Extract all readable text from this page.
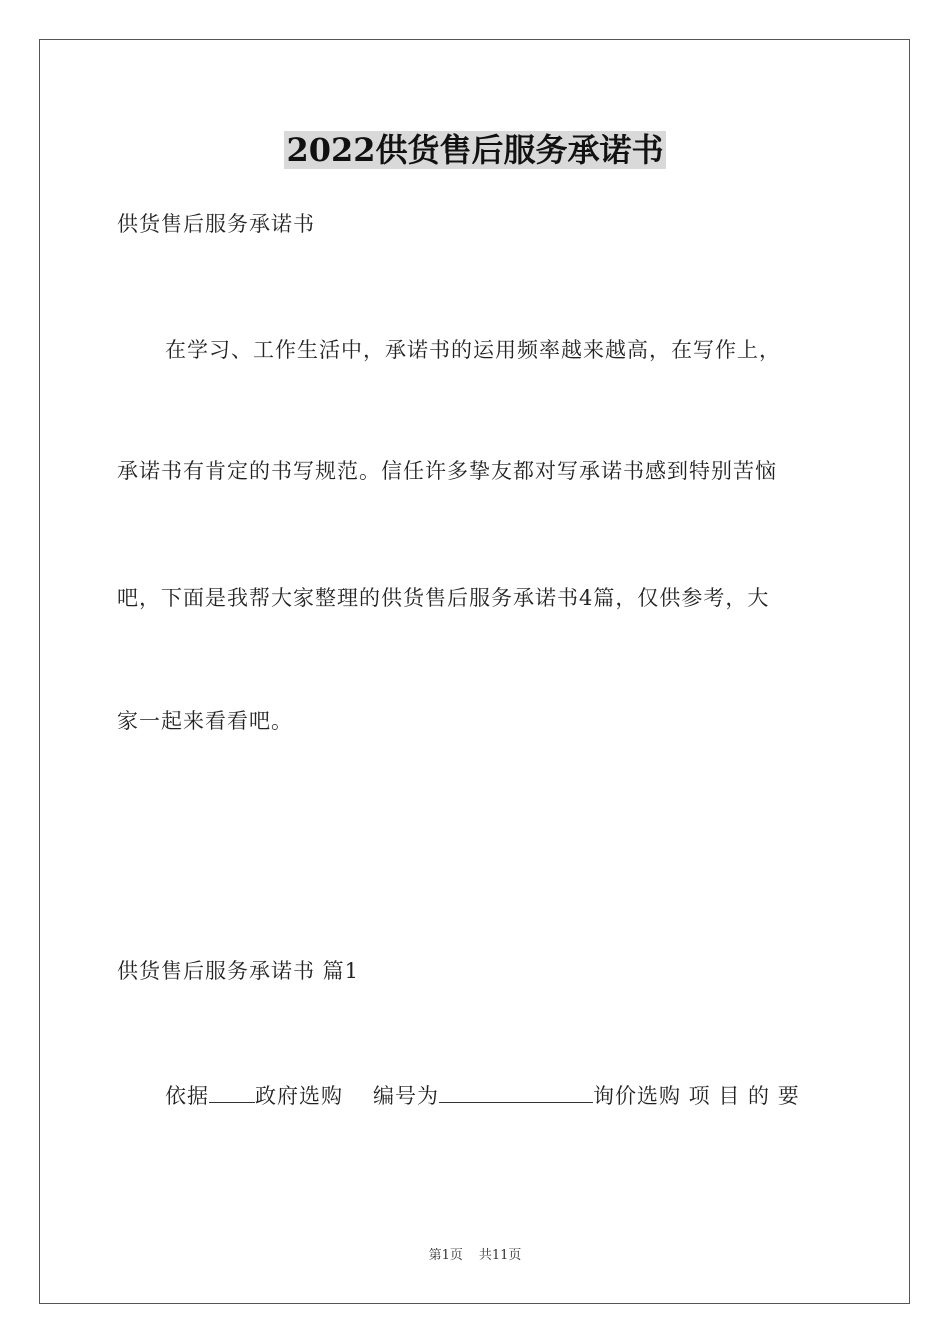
2022供货售后服务承诺书
供货售后服务承诺书
在学习、工作生活中，承诺书的运用频率越来越高，在写作上，
承诺书有肯定的书写规范。信任许多挚友都对写承诺书感到特别苦恼
吧，下面是我帮大家整理的供货售后服务承诺书4篇，仅供参考，大
家一起来看看吧。
供货售后服务承诺书 篇1
依据 政府选购 编号为	询价选购 项 目 的 要
第1页 共11页
